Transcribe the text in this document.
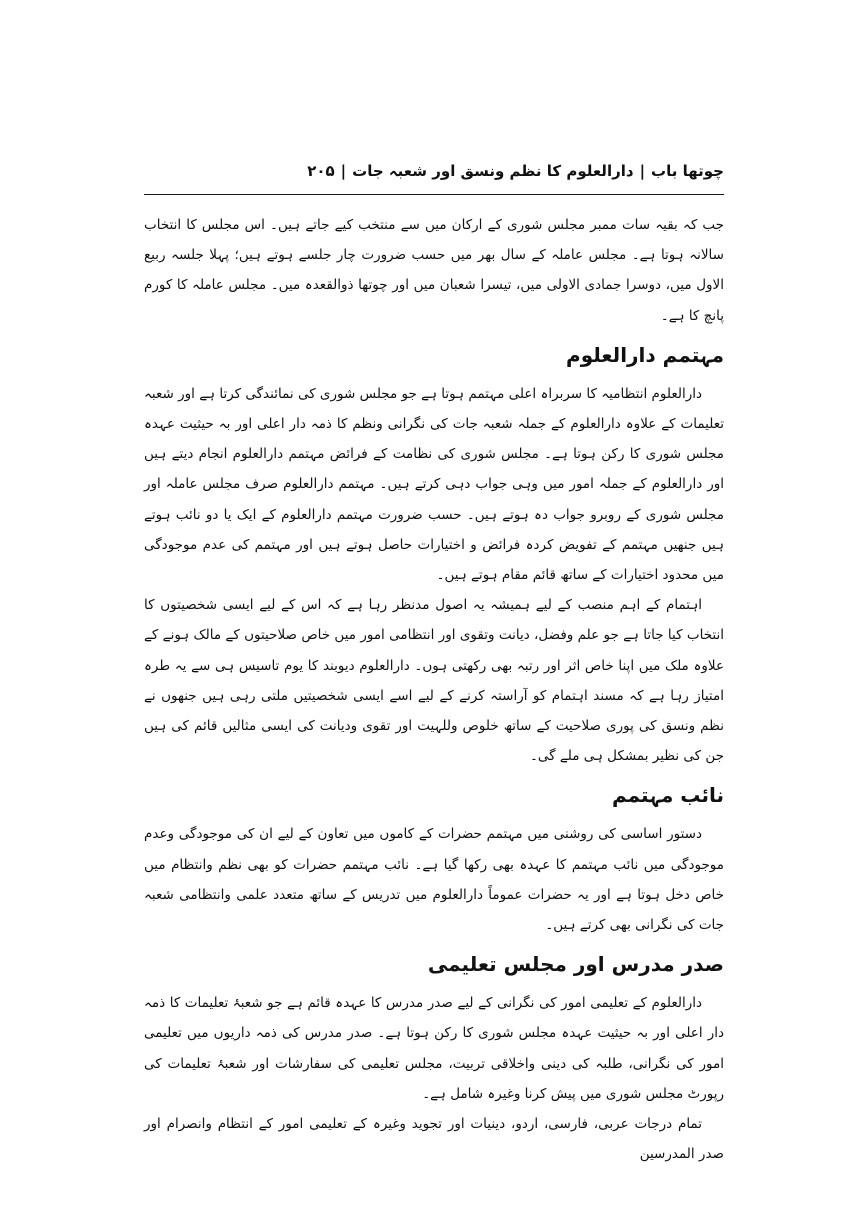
چوتھا باب
|
دارالعلوم کا نظم ونسق اور شعبہ جات
|
۲۰۵

جب کہ بقیہ سات ممبر مجلس شوری کے ارکان میں سے منتخب کیے جاتے ہیں۔ اس مجلس کا انتخاب سالانہ ہوتا ہے۔ مجلس عاملہ کے سال بھر میں حسب ضرورت چار جلسے ہوتے ہیں؛ پہلا جلسہ ربیع الاول میں، دوسرا جمادی الاولی میں، تیسرا شعبان میں اور چوتھا ذوالقعدہ میں۔ مجلس عاملہ کا کورم پانچ کا ہے۔

مہتمم دارالعلوم

دارالعلوم انتظامیہ کا سربراہ اعلی مہتمم ہوتا ہے جو مجلس شوری کی نمائندگی کرتا ہے اور شعبہ تعلیمات کے علاوہ دارالعلوم کے جملہ شعبہ جات کی نگرانی ونظم کا ذمہ دار اعلی اور بہ حیثیت عہدہ مجلس شوری کا رکن ہوتا ہے۔ مجلس شوری کی نظامت کے فرائض مہتمم دارالعلوم انجام دیتے ہیں اور دارالعلوم کے جملہ امور میں وہی جواب دہی کرتے ہیں۔ مہتمم دارالعلوم صرف مجلس عاملہ اور مجلس شوری کے روبرو جواب دہ ہوتے ہیں۔ حسب ضرورت مہتمم دارالعلوم کے ایک یا دو نائب ہوتے ہیں جنھیں مہتمم کے تفویض کردہ فرائض و اختیارات حاصل ہوتے ہیں اور مہتمم کی عدم موجودگی میں محدود اختیارات کے ساتھ قائم مقام ہوتے ہیں۔

اہتمام کے اہم منصب کے لیے ہمیشہ یہ اصول مدنظر رہا ہے کہ اس کے لیے ایسی شخصیتوں کا انتخاب کیا جاتا ہے جو علم وفضل، دیانت وتقوی اور انتظامی امور میں خاص صلاحیتوں کے مالک ہونے کے علاوہ ملک میں اپنا خاص اثر اور رتبہ بھی رکھتی ہوں۔ دارالعلوم دیوبند کا یوم تاسیس ہی سے یہ طرہ امتیاز رہا ہے کہ مسند اہتمام کو آراستہ کرنے کے لیے اسے ایسی شخصیتیں ملتی رہی ہیں جنھوں نے نظم ونسق کی پوری صلاحیت کے ساتھ خلوص وللہیت اور تقوی ودیانت کی ایسی مثالیں قائم کی ہیں جن کی نظیر بمشکل ہی ملے گی۔

نائب مہتمم

دستور اساسی کی روشنی میں مہتمم حضرات کے کاموں میں تعاون کے لیے ان کی موجودگی وعدم موجودگی میں نائب مہتمم کا عہدہ بھی رکھا گیا ہے۔ نائب مہتمم حضرات کو بھی نظم وانتظام میں خاص دخل ہوتا ہے اور یہ حضرات عموماً دارالعلوم میں تدریس کے ساتھ متعدد علمی وانتظامی شعبہ جات کی نگرانی بھی کرتے ہیں۔

صدر مدرس اور مجلس تعلیمی

دارالعلوم کے تعلیمی امور کی نگرانی کے لیے صدر مدرس کا عہدہ قائم ہے جو شعبۂ تعلیمات کا ذمہ دار اعلی اور بہ حیثیت عہدہ مجلس شوری کا رکن ہوتا ہے۔ صدر مدرس کی ذمہ داریوں میں تعلیمی امور کی نگرانی، طلبہ کی دینی واخلاقی تربیت، مجلس تعلیمی کی سفارشات اور شعبۂ تعلیمات کی رپورٹ مجلس شوری میں پیش کرنا وغیرہ شامل ہے۔

تمام درجات عربی، فارسی، اردو، دینیات اور تجوید وغیرہ کے تعلیمی امور کے انتظام وانصرام اور صدر المدرسین
